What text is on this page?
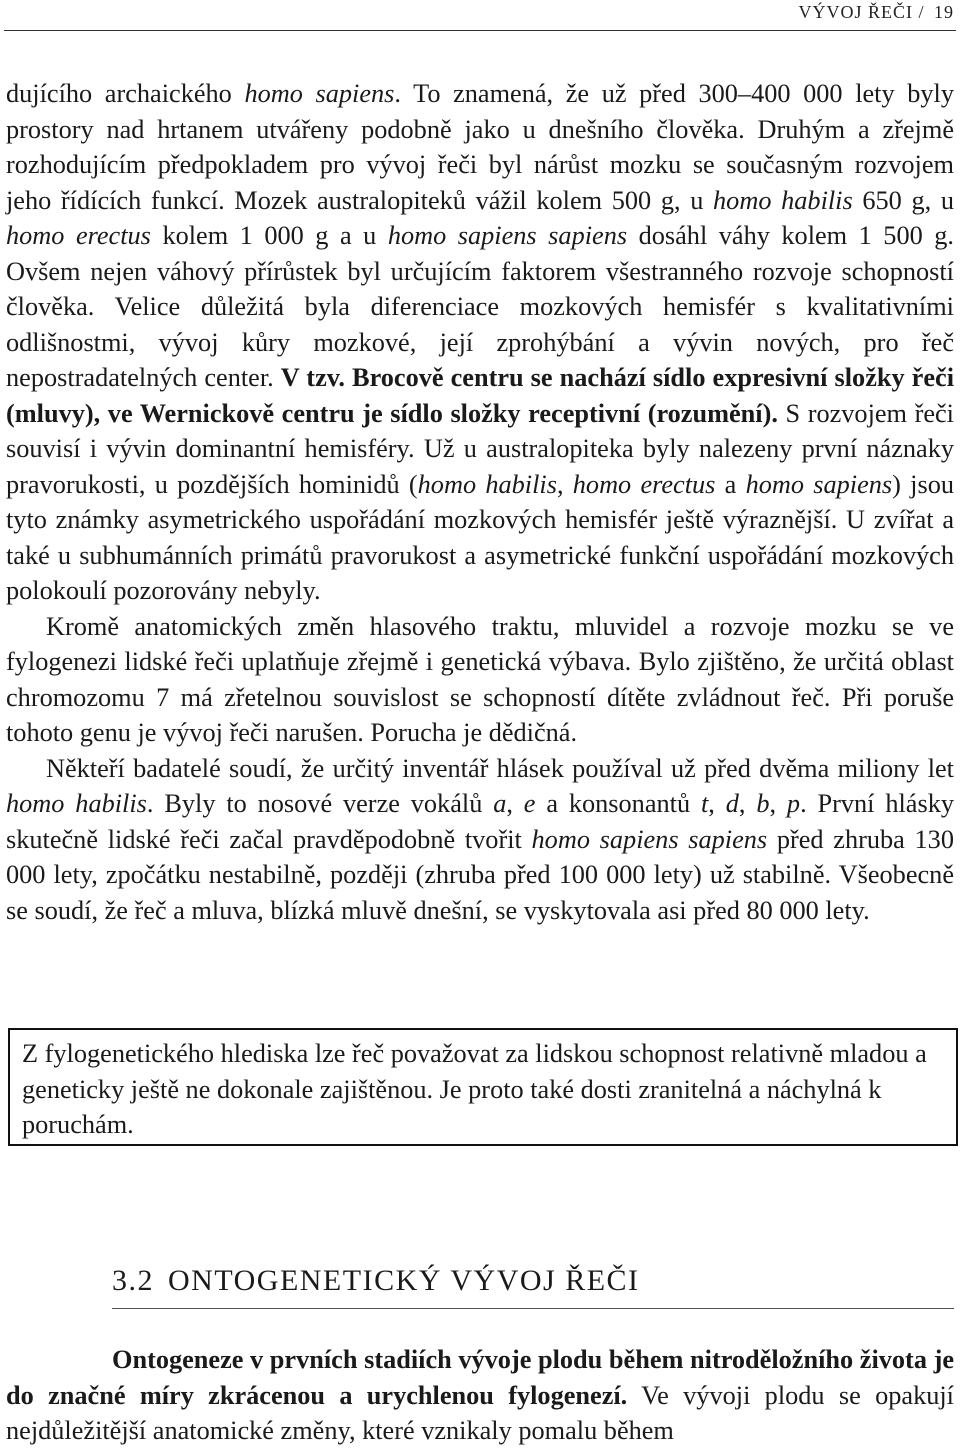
VÝVOJ ŘEČI / 19

dujícího archaického homo sapiens. To znamená, že už před 300–400 000 lety byly prostory nad hrtanem utvářeny podobně jako u dnešního člověka. Druhým a zřejmě rozhodujícím předpokladem pro vývoj řeči byl nárůst mozku se současným rozvojem jeho řídících funkcí. Mozek australopiteků vážil kolem 500 g, u homo habilis 650 g, u homo erectus kolem 1 000 g a u homo sapiens sapiens dosáhl váhy kolem 1 500 g. Ovšem nejen váhový přírůstek byl určujícím faktorem všestranného rozvoje schopností člověka. Velice důležitá byla diferenciace mozkových hemisfér s kvalitativními odlišnostmi, vývoj kůry mozkové, její zprohýbání a vývin nových, pro řeč nepostradatelných center. V tzv. Brocově centru se nachází sídlo expresivní složky řeči (mluvy), ve Wernickově centru je sídlo složky receptivní (rozumění). S rozvojem řeči souvisí i vývin dominantní hemisféry. Už u australopiteka byly nalezeny první náznaky pravorukosti, u pozdějších hominidů (homo habilis, homo erectus a homo sapiens) jsou tyto známky asymetrického uspořádání mozkových hemisfér ještě výraznější. U zvířat a také u subhumánních primátů pravorukost a asymetrické funkční uspořádání mozkových polokoulí pozorovány nebyly.

Kromě anatomických změn hlasového traktu, mluvidel a rozvoje mozku se ve fylogenezi lidské řeči uplatňuje zřejmě i genetická výbava. Bylo zjištěno, že určitá oblast chromozomu 7 má zřetelnou souvislost se schopností dítěte zvládnout řeč. Při poruše tohoto genu je vývoj řeči narušen. Porucha je dědičná.

Někteří badatelé soudí, že určitý inventář hlásek používal už před dvěma miliony let homo habilis. Byly to nosové verze vokálů a, e a konsonantů t, d, b, p. První hlásky skutečně lidské řeči začal pravděpodobně tvořit homo sapiens sapiens před zhruba 130 000 lety, zpočátku nestabilně, později (zhruba před 100 000 lety) už stabilně. Všeobecně se soudí, že řeč a mluva, blízká mluvě dnešní, se vyskytovala asi před 80 000 lety.

Z fylogenetického hlediska lze řeč považovat za lidskou schopnost relativně mladou a geneticky ještě ne dokonale zajištěnou. Je proto také dosti zranitelná a náchylná k poruchám.
3.2 ONTOGENETICKÝ VÝVOJ ŘEČI

Ontogeneze v prvních stadiích vývoje plodu během nitroděložního života je do značné míry zkrácenou a urychlenou fylogenezí. Ve vývoji plodu se opakují nejdůležitější anatomické změny, které vznikaly pomalu během
